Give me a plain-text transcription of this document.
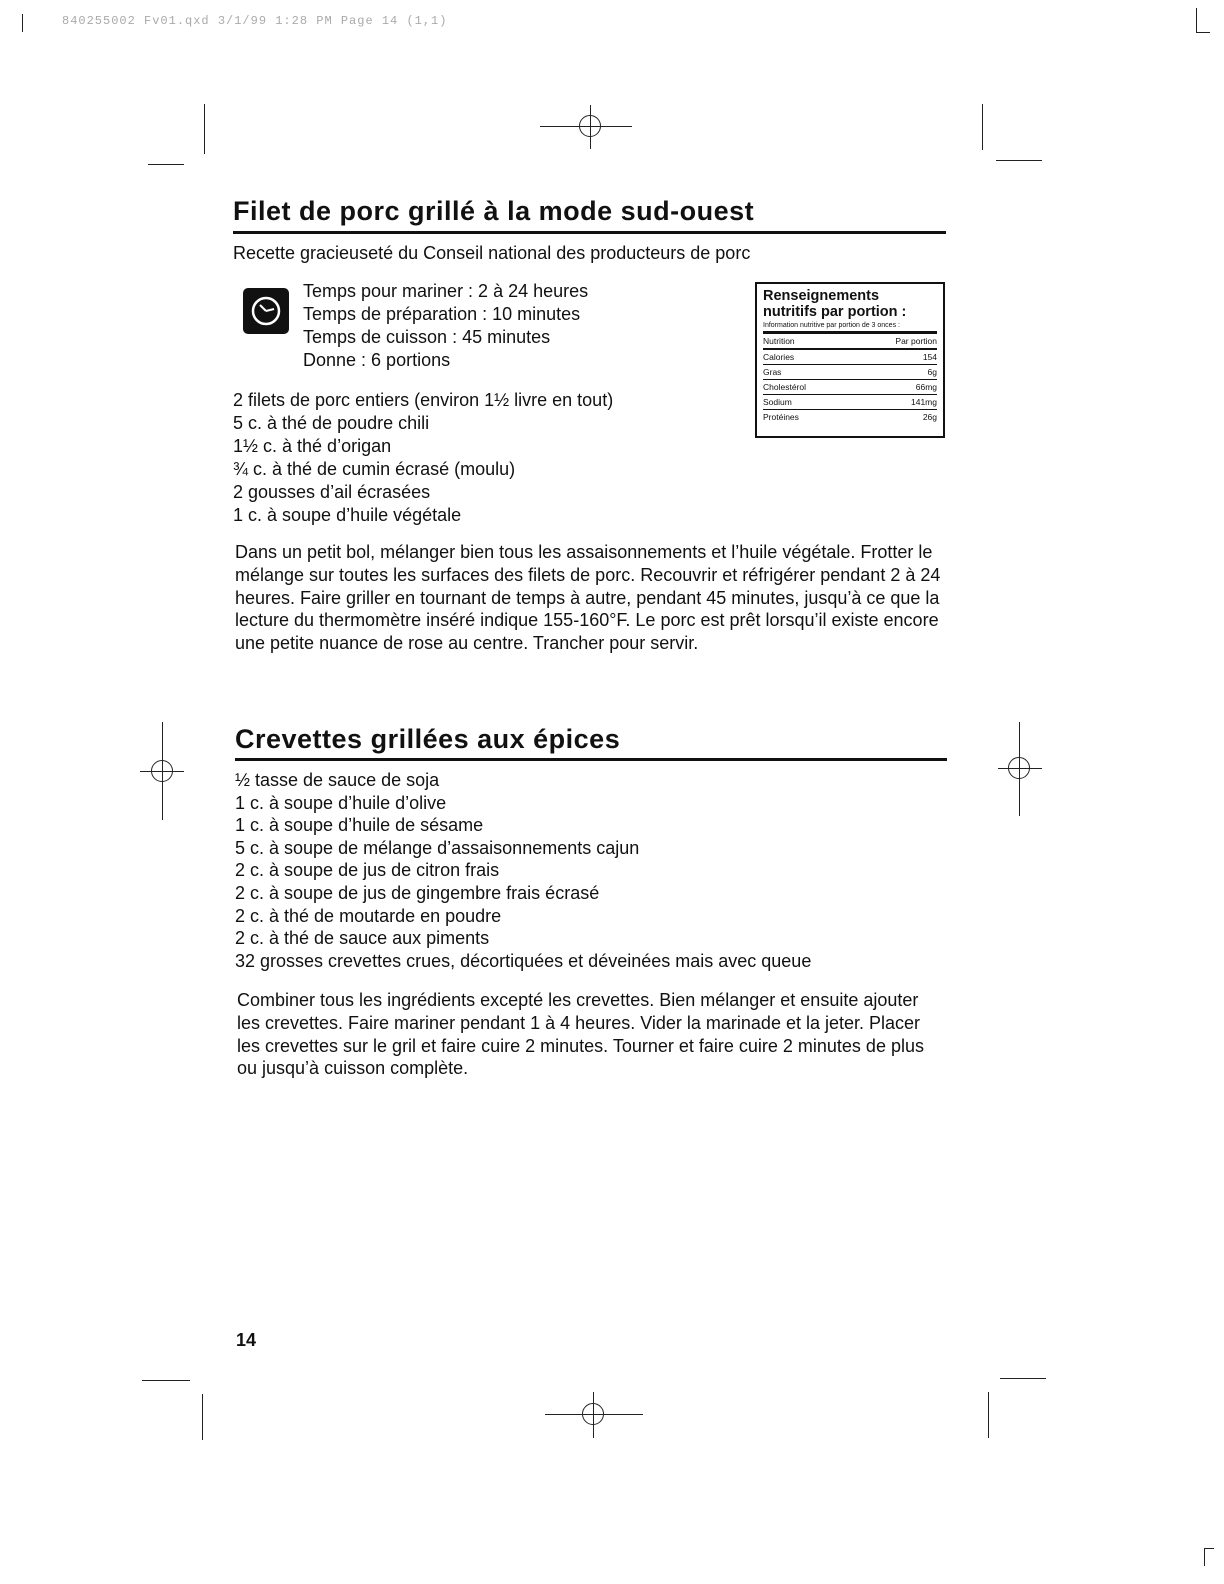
840255002 Fv01.qxd 3/1/99 1:28 PM Page 14 (1,1)
Filet de porc grillé à la mode sud-ouest
Recette gracieuseté du Conseil national des producteurs de porc
Temps pour mariner : 2 à 24 heures
Temps de préparation : 10 minutes
Temps de cuisson : 45 minutes
Donne : 6 portions
2 filets de porc entiers (environ 1½ livre en tout)
5 c. à thé de poudre chili
1½ c. à thé d’origan
¾ c. à thé de cumin écrasé (moulu)
2 gousses d’ail écrasées
1 c. à soupe d’huile végétale
Renseignements nutritifs par portion :
Information nutritive par portion de 3 onces :
Nutrition	Par portion
Calories	154
Gras	6g
Cholestérol	66mg
Sodium	141mg
Protéines	26g
Dans un petit bol, mélanger bien tous les assaisonnements et l’huile végétale. Frotter le mélange sur toutes les surfaces des filets de porc. Recouvrir et réfrigérer pendant 2 à 24 heures. Faire griller en tournant de temps à autre, pendant 45 minutes, jusqu’à ce que la lecture du thermomètre inséré indique 155-160°F. Le porc est prêt lorsqu’il existe encore une petite nuance de rose au centre. Trancher pour servir.
Crevettes grillées aux épices
½ tasse de sauce de soja
1 c. à soupe d’huile d’olive
1 c. à soupe d’huile de sésame
5 c. à soupe de mélange d’assaisonnements cajun
2 c. à soupe de jus de citron frais
2 c. à soupe de jus de gingembre frais écrasé
2 c. à thé de moutarde en poudre
2 c. à thé de sauce aux piments
32 grosses crevettes crues, décortiquées et déveinées mais avec queue
Combiner tous les ingrédients excepté les crevettes. Bien mélanger et ensuite ajouter les crevettes. Faire mariner pendant 1 à 4 heures. Vider la marinade et la jeter. Placer les crevettes sur le gril et faire cuire 2 minutes. Tourner et faire cuire 2 minutes de plus ou jusqu’à cuisson complète.
14
